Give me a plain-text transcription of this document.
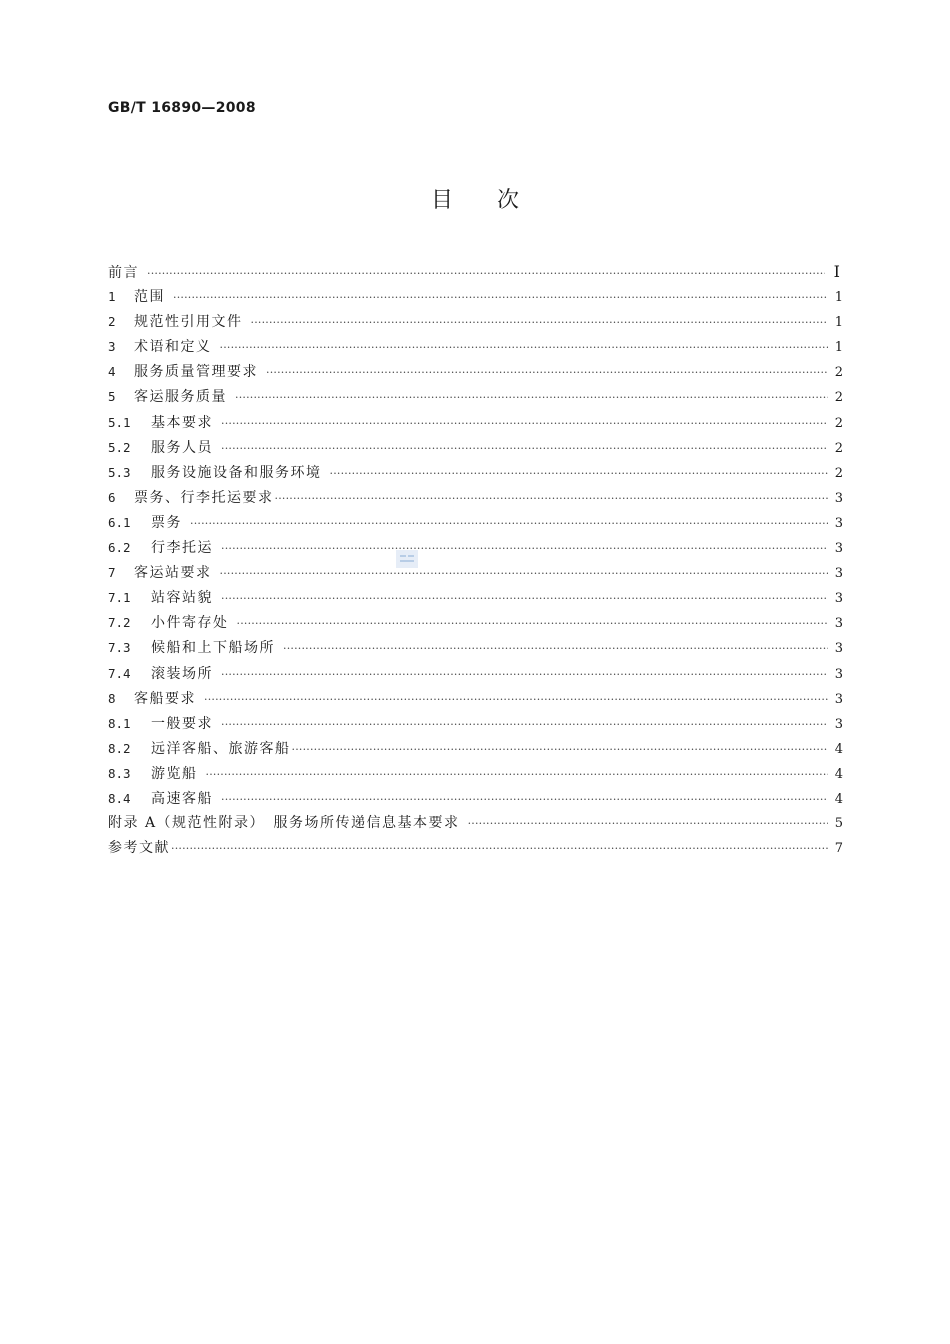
GB/T 16890—2008
目　　次
前言 ·····	I
1	范围 ·····	1
2	规范性引用文件 ·····	1
3	术语和定义 ·····	1
4	服务质量管理要求 ·····	2
5	客运服务质量 ·····	2
5.1	基本要求 ·····	2
5.2	服务人员 ·····	2
5.3	服务设施设备和服务环境 ·····	2
6	票务、行李托运要求 ·····	3
6.1	票务 ·····	3
6.2	行李托运 ·····	3
7	客运站要求 ·····	3
7.1	站容站貌 ·····	3
7.2	小件寄存处 ·····	3
7.3	候船和上下船场所 ·····	3
7.4	滚装场所 ·····	3
8	客船要求 ·····	3
8.1	一般要求 ·····	3
8.2	远洋客船、旅游客船 ·····	4
8.3	游览船 ·····	4
8.4	高速客船 ·····	4
附录 A（规范性附录）　服务场所传递信息基本要求 ·····	5
参考文献 ·····	7
